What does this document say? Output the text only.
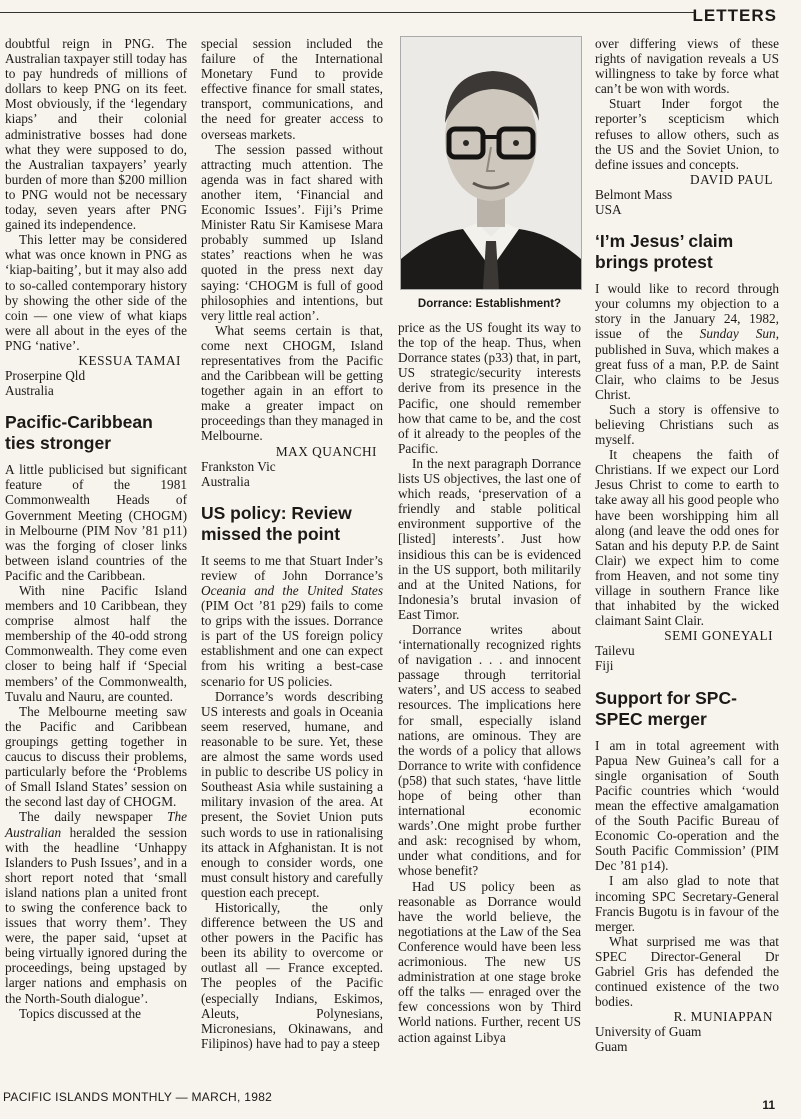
LETTERS

doubtful reign in PNG. The Australian taxpayer still today has to pay hundreds of millions of dollars to keep PNG on its feet. Most obviously, if the ‘legendary kiaps’ and their colonial administrative bosses had done what they were supposed to do, the Australian taxpayers’ yearly burden of more than $200 million to PNG would not be necessary today, seven years after PNG gained its independence.

This letter may be considered what was once known in PNG as ‘kiap-baiting’, but it may also add to so-called contemporary history by showing the other side of the coin — one view of what kiaps were all about in the eyes of the PNG ‘native’.

KESSUA TAMAI
Proserpine Qld
Australia
Pacific-Caribbean ties stronger

A little publicised but significant feature of the 1981 Commonwealth Heads of Government Meeting (CHOGM) in Melbourne (PIM Nov ’81 p11) was the forging of closer links between island countries of the Pacific and the Caribbean.

With nine Pacific Island members and 10 Caribbean, they comprise almost half the membership of the 40-odd strong Commonwealth. They come even closer to being half if ‘Special members’ of the Commonwealth, Tuvalu and Nauru, are counted.

The Melbourne meeting saw the Pacific and Caribbean groupings getting together in caucus to discuss their problems, particularly before the ‘Problems of Small Island States’ session on the second last day of CHOGM.

The daily newspaper The Australian heralded the session with the headline ‘Unhappy Islanders to Push Issues’, and in a short report noted that ‘small island nations plan a united front to swing the conference back to issues that worry them’. They were, the paper said, ‘upset at being virtually ignored during the proceedings, being upstaged by larger nations and emphasis on the North-South dialogue’.

Topics discussed at the

special session included the failure of the International Monetary Fund to provide effective finance for small states, transport, communications, and the need for greater access to overseas markets.

The session passed without attracting much attention. The agenda was in fact shared with another item, ‘Financial and Economic Issues’. Fiji’s Prime Minister Ratu Sir Kamisese Mara probably summed up Island states’ reactions when he was quoted in the press next day saying: ‘CHOGM is full of good philosophies and intentions, but very little real action’.

What seems certain is that, come next CHOGM, Island representatives from the Pacific and the Caribbean will be getting together again in an effort to make a greater impact on proceedings than they managed in Melbourne.

MAX QUANCHI
Frankston Vic
Australia
US policy: Review missed the point

It seems to me that Stuart Inder’s review of John Dorrance’s Oceania and the United States (PIM Oct ’81 p29) fails to come to grips with the issues. Dorrance is part of the US foreign policy establishment and one can expect from his writing a best-case scenario for US policies.

Dorrance’s words describing US interests and goals in Oceania seem reserved, humane, and reasonable to be sure. Yet, these are almost the same words used in public to describe US policy in Southeast Asia while sustaining a military invasion of the area. At present, the Soviet Union puts such words to use in rationalising its attack in Afghanistan. It is not enough to consider words, one must consult history and carefully question each precept.

Historically, the only difference between the US and other powers in the Pacific has been its ability to overcome or outlast all — France excepted. The peoples of the Pacific (especially Indians, Eskimos, Aleuts, Polynesians, Micronesians, Okinawans, and Filipinos) have had to pay a steep

Dorrance: Establishment?

price as the US fought its way to the top of the heap. Thus, when Dorrance states (p33) that, in part, US strategic/security interests derive from its presence in the Pacific, one should remember how that came to be, and the cost of it already to the peoples of the Pacific.

In the next paragraph Dorrance lists US objectives, the last one of which reads, ‘preservation of a friendly and stable political environment supportive of the [listed] interests’. Just how insidious this can be is evidenced in the US support, both militarily and at the United Nations, for Indonesia’s brutal invasion of East Timor.

Dorrance writes about ‘internationally recognized rights of navigation . . . and innocent passage through territorial waters’, and US access to seabed resources. The implications here for small, especially island nations, are ominous. They are the words of a policy that allows Dorrance to write with confidence (p58) that such states, ‘have little hope of being other than international economic wards’.One might probe further and ask: recognised by whom, under what conditions, and for whose benefit?

Had US policy been as reasonable as Dorrance would have the world believe, the negotiations at the Law of the Sea Conference would have been less acrimonious. The new US administration at one stage broke off the talks — enraged over the few concessions won by Third World nations. Further, recent US action against Libya

over differing views of these rights of navigation reveals a US willingness to take by force what can’t be won with words.

Stuart Inder forgot the reporter’s scepticism which refuses to allow others, such as the US and the Soviet Union, to define issues and concepts.

DAVID PAUL
Belmont Mass
USA
‘I’m Jesus’ claim brings protest

I would like to record through your columns my objection to a story in the January 24, 1982, issue of the Sunday Sun, published in Suva, which makes a great fuss of a man, P.P. de Saint Clair, who claims to be Jesus Christ.

Such a story is offensive to believing Christians such as myself.

It cheapens the faith of Christians. If we expect our Lord Jesus Christ to come to earth to take away all his good people who have been worshipping him all along (and leave the odd ones for Satan and his deputy P.P. de Saint Clair) we expect him to come from Heaven, and not some tiny village in southern France like that inhabited by the wicked claimant Saint Clair.

SEMI GONEYALI
Tailevu
Fiji
Support for SPC-SPEC merger

I am in total agreement with Papua New Guinea’s call for a single organisation of South Pacific countries which ‘would mean the effective amalgamation of the South Pacific Bureau of Economic Co-operation and the South Pacific Commission’ (PIM Dec ’81 p14).

I am also glad to note that incoming SPC Secretary-General Francis Bugotu is in favour of the merger.

What surprised me was that SPEC Director-General Dr Gabriel Gris has defended the continued existence of the two bodies.

R. MUNIAPPAN
University of Guam
Guam
PACIFIC ISLANDS MONTHLY — MARCH, 1982
11
